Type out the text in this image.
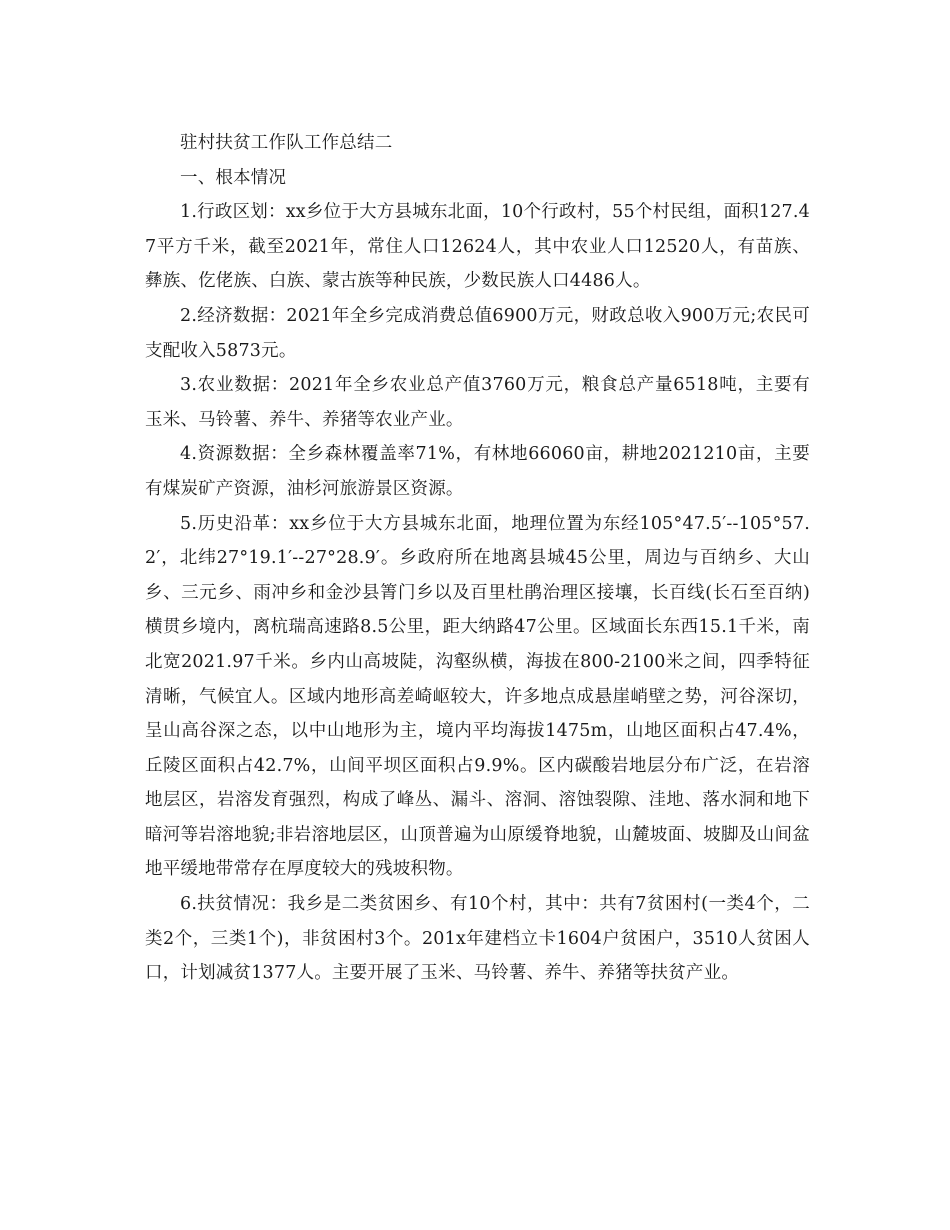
驻村扶贫工作队工作总结二

一、根本情况

1.行政区划：xx乡位于大方县城东北面，10个行政村，55个村民组，面积127.47平方千米，截至2021年，常住人口12624人，其中农业人口12520人，有苗族、彝族、仡佬族、白族、蒙古族等种民族，少数民族人口4486人。

2.经济数据：2021年全乡完成消费总值6900万元，财政总收入900万元;农民可支配收入5873元。

3.农业数据：2021年全乡农业总产值3760万元，粮食总产量6518吨，主要有玉米、马铃薯、养牛、养猪等农业产业。

4.资源数据：全乡森林覆盖率71%，有林地66060亩，耕地2021210亩，主要有煤炭矿产资源，油杉河旅游景区资源。

5.历史沿革：xx乡位于大方县城东北面，地理位置为东经105°47.5′--105°57.2′，北纬27°19.1′--27°28.9′。乡政府所在地离县城45公里，周边与百纳乡、大山乡、三元乡、雨冲乡和金沙县箐门乡以及百里杜鹃治理区接壤，长百线(长石至百纳)横贯乡境内，离杭瑞高速路8.5公里，距大纳路47公里。区域面长东西15.1千米，南北宽2021.97千米。乡内山高坡陡，沟壑纵横，海拔在800-2100米之间，四季特征清晰，气候宜人。区域内地形高差崎岖较大，许多地点成悬崖峭壁之势，河谷深切，呈山高谷深之态，以中山地形为主，境内平均海拔1475m，山地区面积占47.4%，丘陵区面积占42.7%，山间平坝区面积占9.9%。区内碳酸岩地层分布广泛，在岩溶地层区，岩溶发育强烈，构成了峰丛、漏斗、溶洞、溶蚀裂隙、洼地、落水洞和地下暗河等岩溶地貌;非岩溶地层区，山顶普遍为山原缓脊地貌，山麓坡面、坡脚及山间盆地平缓地带常存在厚度较大的残坡积物。

6.扶贫情况：我乡是二类贫困乡、有10个村，其中：共有7贫困村(一类4个，二类2个，三类1个)，非贫困村3个。201x年建档立卡1604户贫困户，3510人贫困人口，计划减贫1377人。主要开展了玉米、马铃薯、养牛、养猪等扶贫产业。
